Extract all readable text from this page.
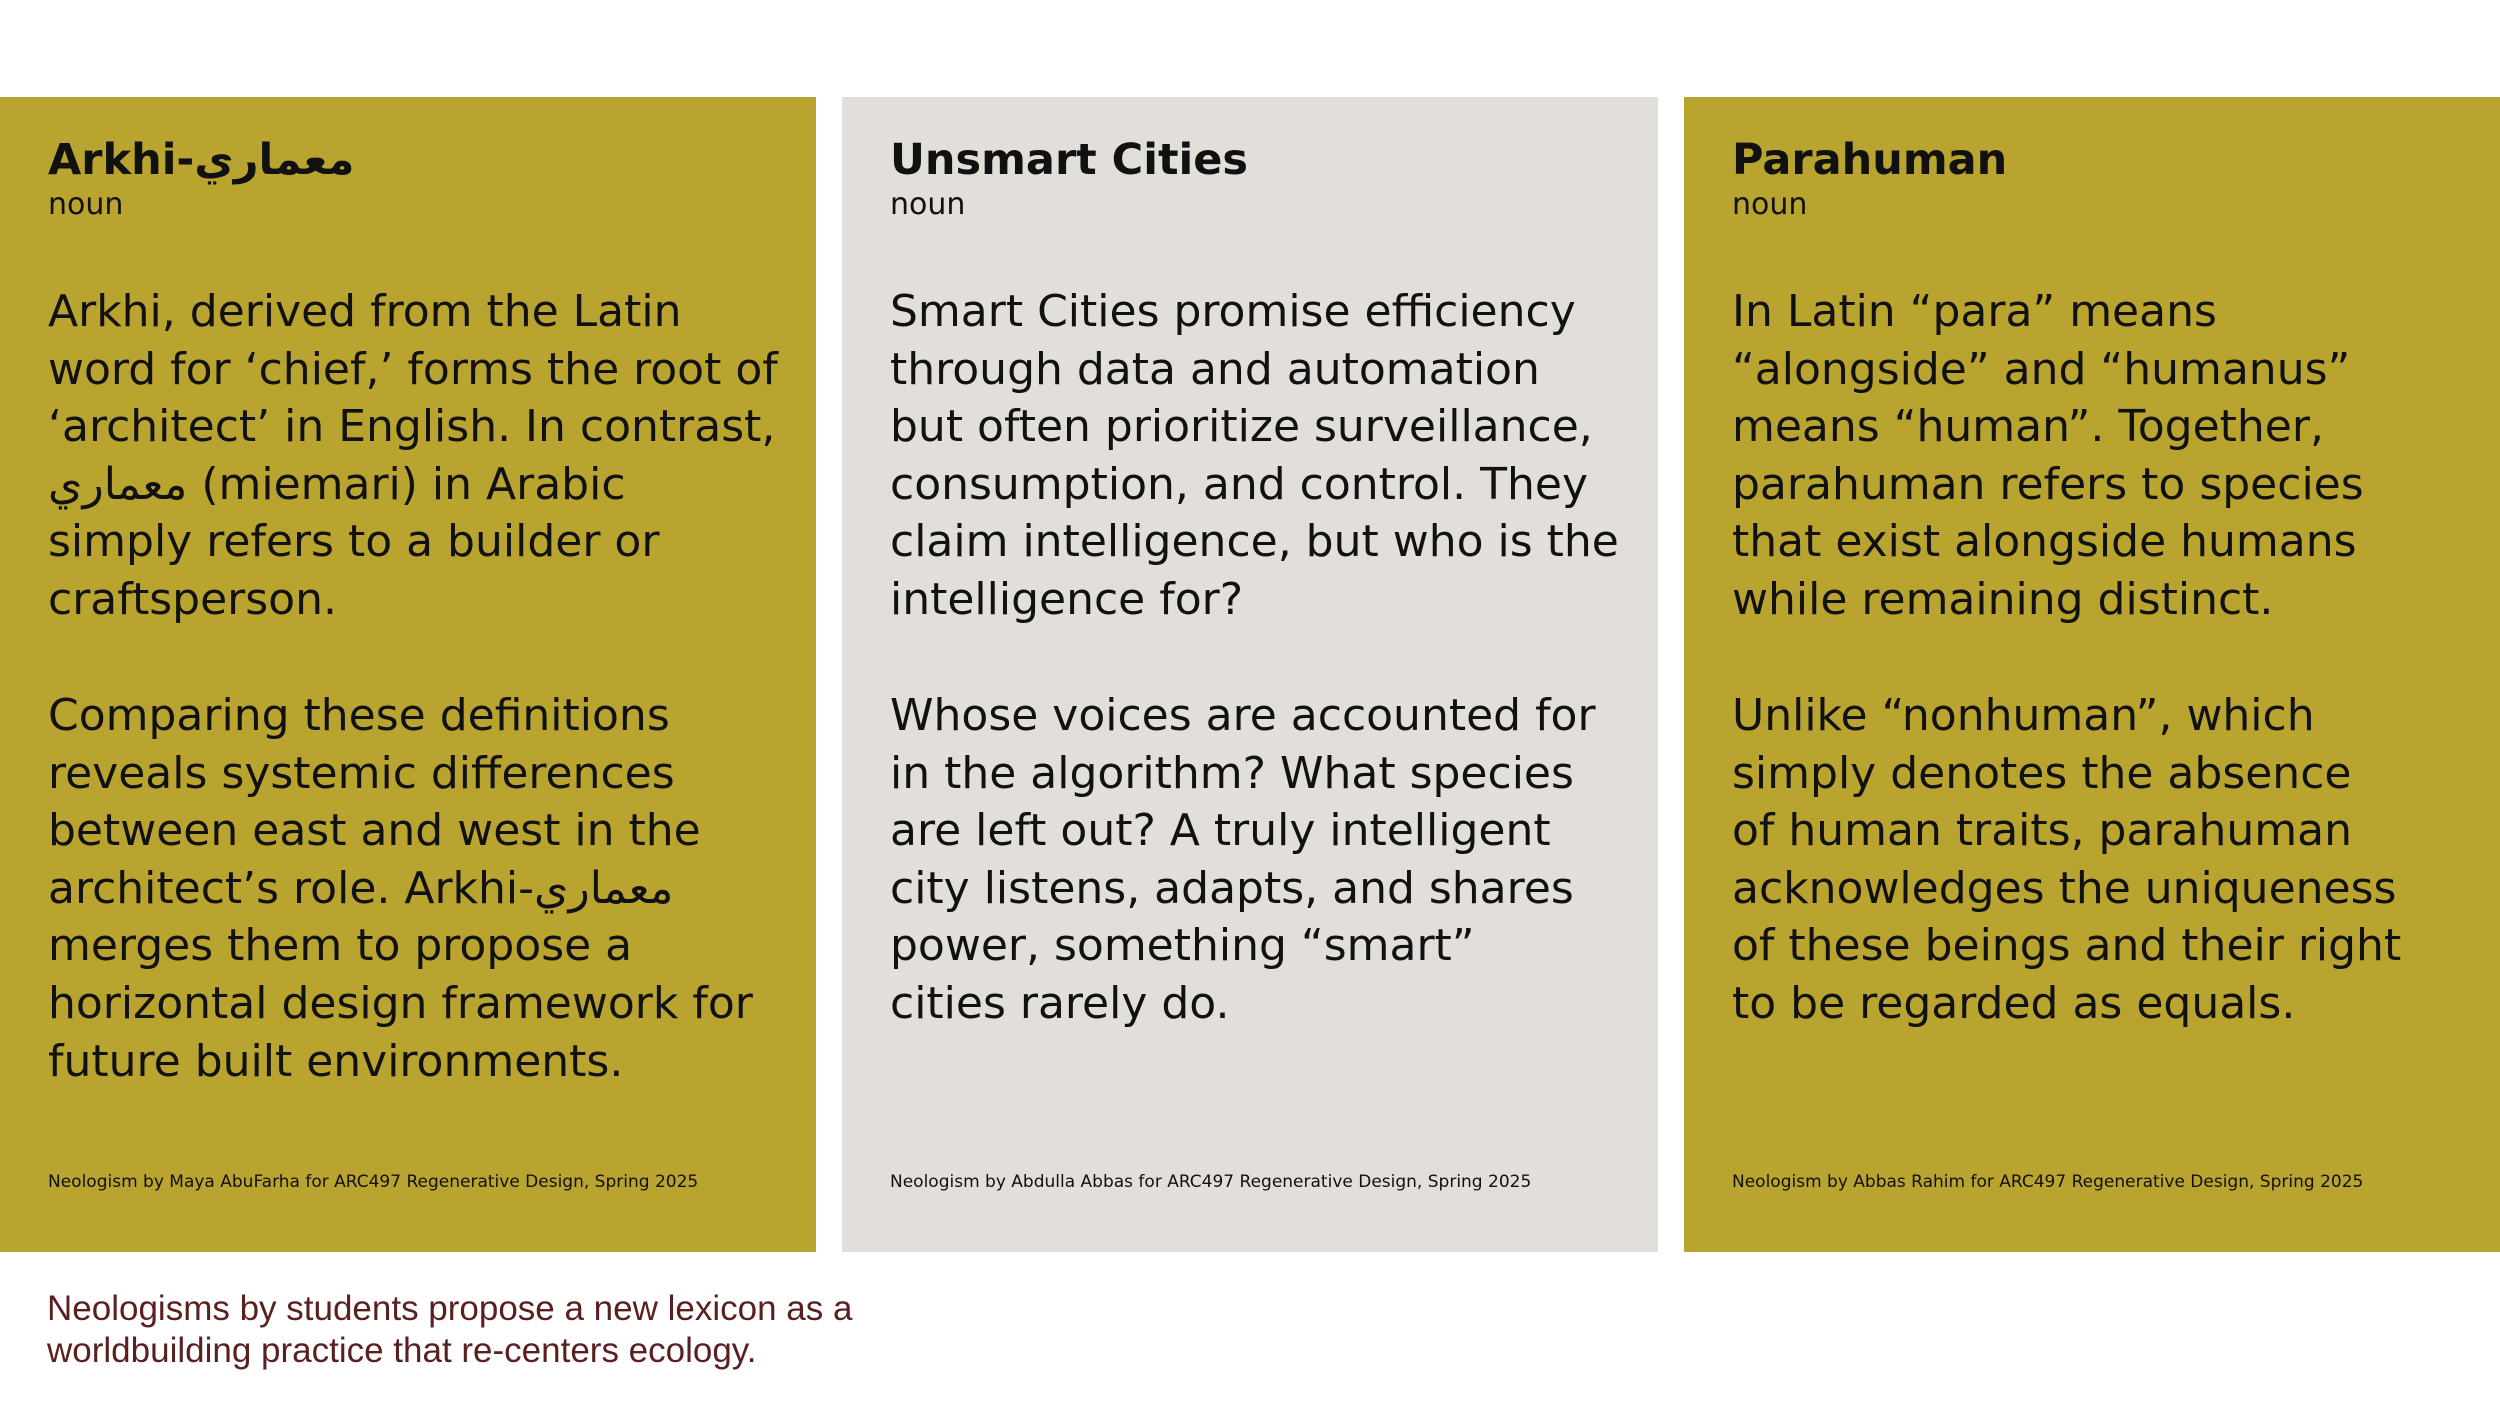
Arkhi-معماري
noun

Arkhi, derived from the Latin
word for ‘chief,’ forms the root of
‘architect’ in English. In contrast,
معماري (miemari) in Arabic
simply refers to a builder or
craftsperson.

Comparing these definitions
reveals systemic differences
between east and west in the
architect’s role. Arkhi-معماري
merges them to propose a
horizontal design framework for
future built environments.

Neologism by Maya AbuFarha for ARC497 Regenerative Design, Spring 2025
Unsmart Cities
noun

Smart Cities promise efficiency
through data and automation
but often prioritize surveillance,
consumption, and control. They
claim intelligence, but who is the
intelligence for?

Whose voices are accounted for
in the algorithm? What species
are left out? A truly intelligent
city listens, adapts, and shares
power, something “smart”
cities rarely do.

Neologism by Abdulla Abbas for ARC497 Regenerative Design, Spring 2025
Parahuman
noun

In Latin “para” means
“alongside” and “humanus”
means “human”. Together,
parahuman refers to species
that exist alongside humans
while remaining distinct.

Unlike “nonhuman”, which
simply denotes the absence
of human traits, parahuman
acknowledges the uniqueness
of these beings and their right
to be regarded as equals.

Neologism by Abbas Rahim for ARC497 Regenerative Design, Spring 2025

Neologisms by students propose a new lexicon as a
worldbuilding practice that re-centers ecology.
